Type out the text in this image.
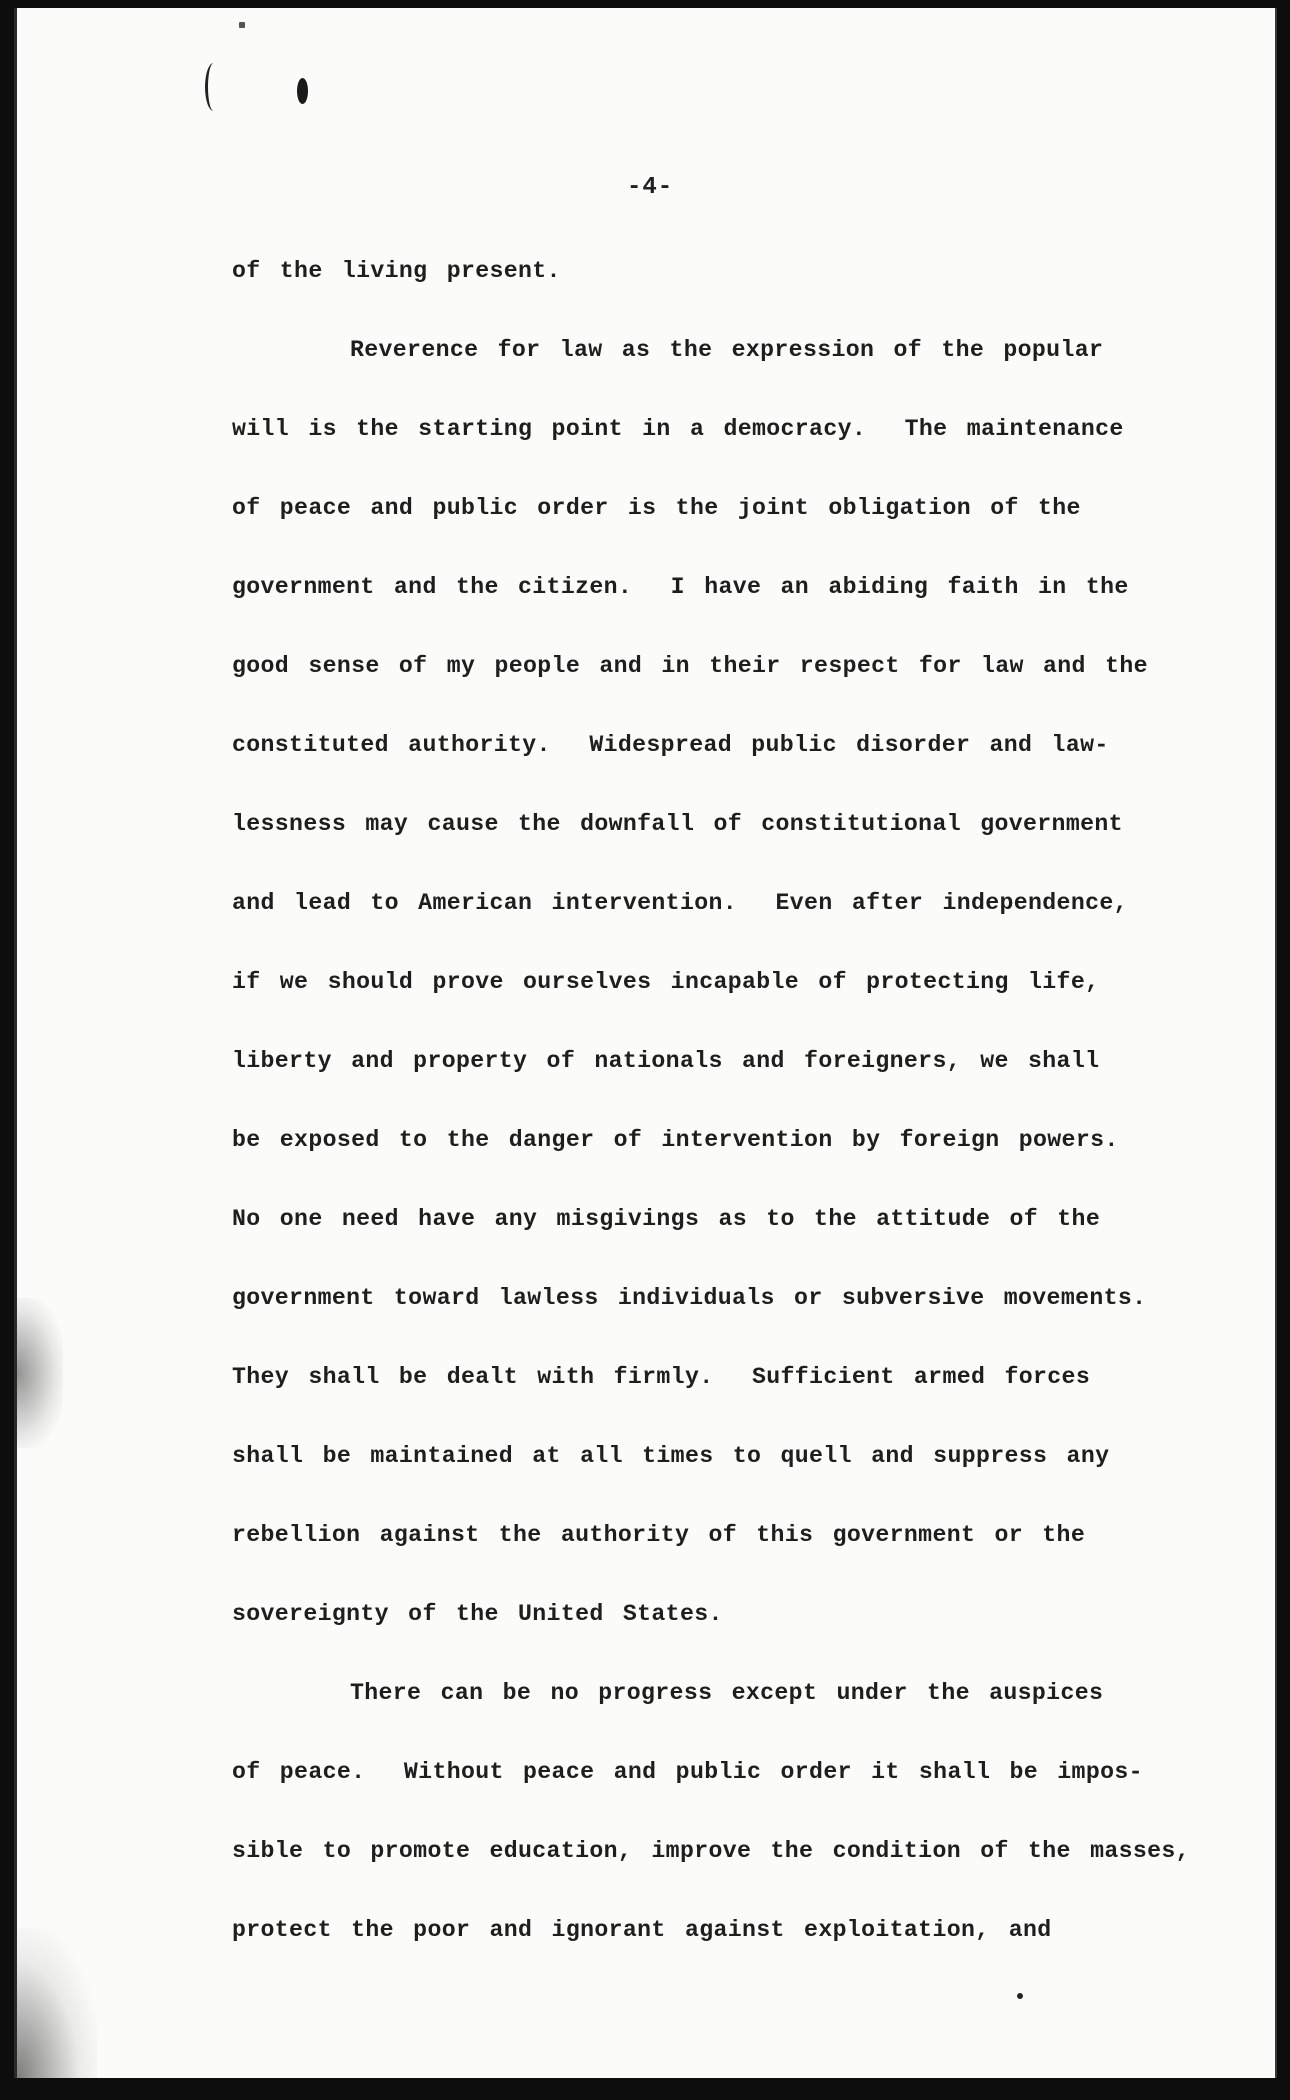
-4-
of the living present.
Reverence for law as the expression of the popular
will is the starting point in a democracy.  The maintenance
of peace and public order is the joint obligation of the
government and the citizen.  I have an abiding faith in the
good sense of my people and in their respect for law and the
constituted authority.  Widespread public disorder and law-
lessness may cause the downfall of constitutional government
and lead to American intervention.  Even after independence,
if we should prove ourselves incapable of protecting life,
liberty and property of nationals and foreigners, we shall
be exposed to the danger of intervention by foreign powers.
No one need have any misgivings as to the attitude of the
government toward lawless individuals or subversive movements.
They shall be dealt with firmly.  Sufficient armed forces
shall be maintained at all times to quell and suppress any
rebellion against the authority of this government or the
sovereignty of the United States.
There can be no progress except under the auspices
of peace.  Without peace and public order it shall be impos-
sible to promote education, improve the condition of the masses,
protect the poor and ignorant against exploitation, and
